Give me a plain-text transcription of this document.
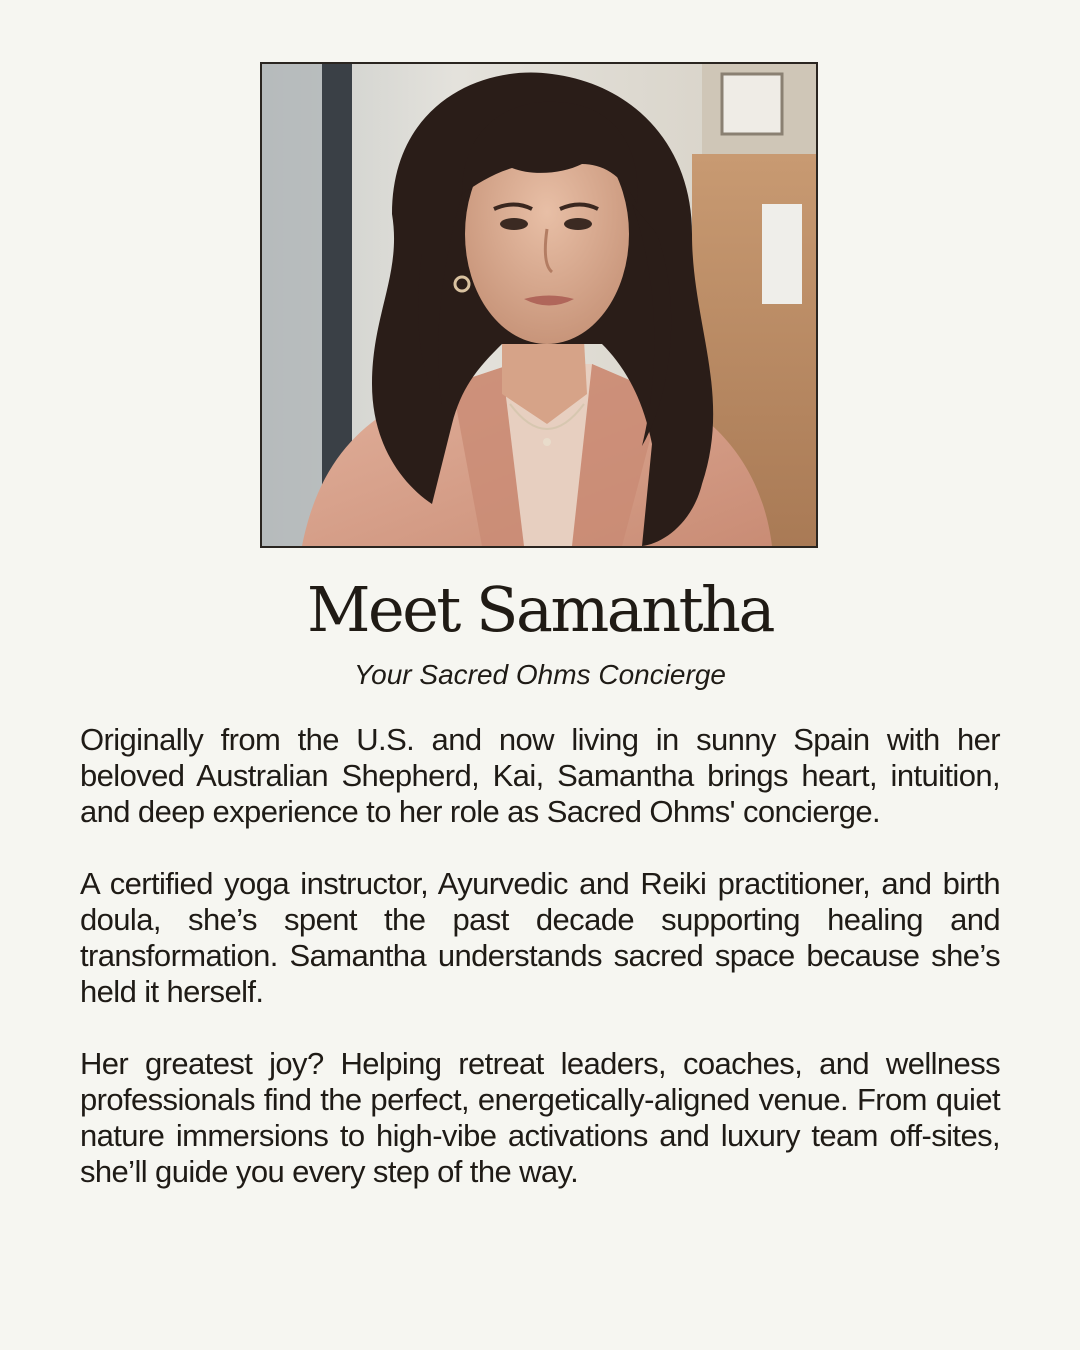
Meet Samantha

Your Sacred Ohms Concierge

Originally from the U.S. and now living in sunny Spain with her beloved Australian Shepherd, Kai, Samantha brings heart, intuition, and deep experience to her role as Sacred Ohms' concierge.

A certified yoga instructor, Ayurvedic and Reiki practitioner, and birth doula, she’s spent the past decade supporting healing and transformation. Samantha understands sacred space because she’s held it herself.

Her greatest joy? Helping retreat leaders, coaches, and wellness professionals find the perfect, energetically-aligned venue. From quiet nature immersions to high-vibe activations and luxury team off-sites, she’ll guide you every step of the way.
